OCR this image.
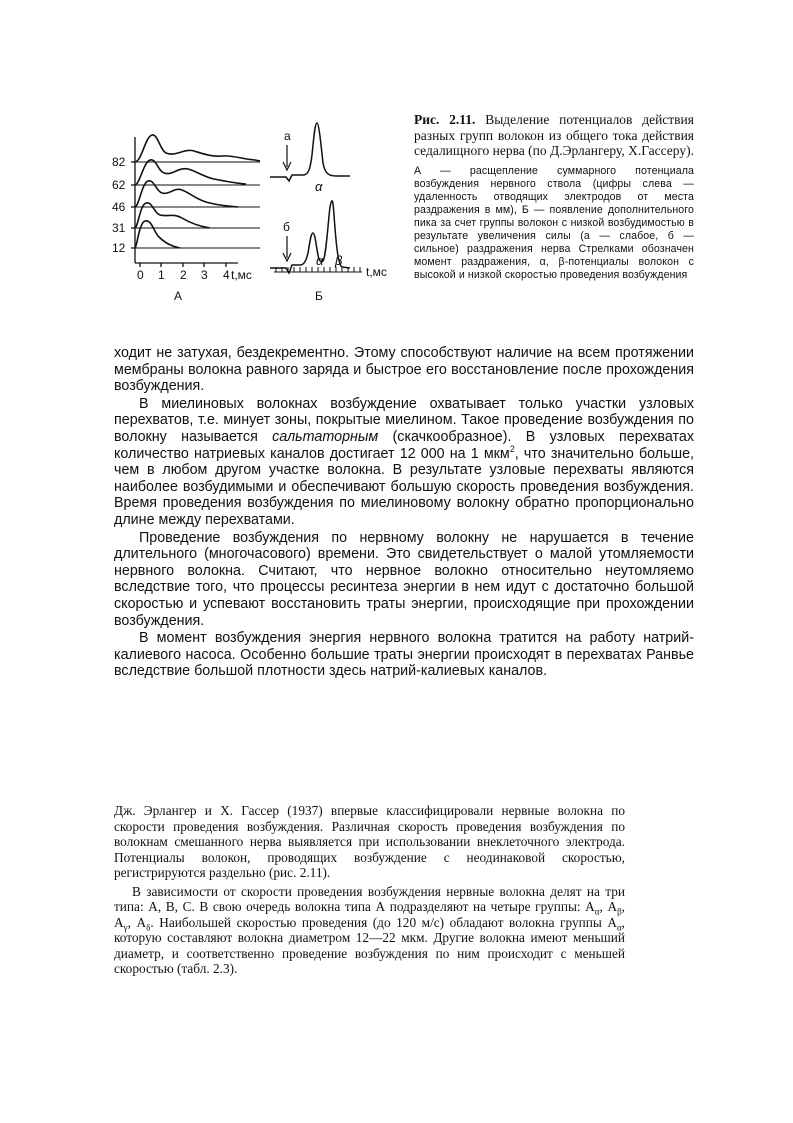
82
62
46
31
12
0 1 2 3 4 t,мс
А
а
α
б
α β
t,мс
Б
Рис. 2.11. Выделение потенциалов действия разных групп волокон из общего тока действия седалищного нерва (по Д.Эрлангеру, Х.Гассеру).
А — расщепление суммарного потенциала возбуждения нервного ствола (цифры слева — удаленность отводящих электродов от места раздражения в мм), Б — появление дополнительного пика за счет группы волокон с низкой возбудимостью в результате увеличения силы (а — слабое, б — сильное) раздражения нерва Стрелками обозначен момент раздражения, α, β-потенциалы волокон с высокой и низкой скоростью проведения возбуждения

ходит не затухая, бездекрементно. Этому способствуют наличие на всем протяжении мембраны волокна равного заряда и быстрое его восстановление после прохождения возбуждения.

В миелиновых волокнах возбуждение охватывает только участки узловых перехватов, т.е. минует зоны, покрытые миелином. Такое проведение возбуждения по волокну называется сальтаторным (скачкообразное). В узловых перехватах количество натриевых каналов достигает 12 000 на 1 мкм$^2$, что значительно больше, чем в любом другом участке волокна. В результате узловые перехваты являются наиболее возбудимыми и обеспечивают большую скорость проведения возбуждения. Время проведения возбуждения по миелиновому волокну обратно пропорционально длине между перехватами.

Проведение возбуждения по нервному волокну не нарушается в течение длительного (многочасового) времени. Это свидетельствует о малой утомляемости нервного волокна. Считают, что нервное волокно относительно неутомляемо вследствие того, что процессы ресинтеза энергии в нем идут с достаточно большой скоростью и успевают восстановить траты энергии, происходящие при прохождении возбуждения.

В момент возбуждения энергия нервного волокна тратится на работу натрий-калиевого насоса. Особенно большие траты энергии происходят в перехватах Ранвье вследствие большой плотности здесь натрий-калиевых каналов.

Дж. Эрлангер и X. Гассер (1937) впервые классифицировали нервные волокна по скорости проведения возбуждения. Различная скорость проведения возбуждения по волокнам смешанного нерва выявляется при использовании внеклеточного электрода. Потенциалы волокон, проводящих возбуждение с неодинаковой скоростью, регистрируются раздельно (рис. 2.11).

В зависимости от скорости проведения возбуждения нервные волокна делят на три типа: А, В, С. В свою очередь волокна типа А подразделяют на четыре группы: $А_\alpha$, $А_\beta$, $А_\gamma$, $А_\delta$. Наибольшей скоростью проведения (до 120 м/с) обладают волокна группы $А_\alpha$, которую составляют волокна диаметром 12—22 мкм. Другие волокна имеют меньший диаметр, и соответственно проведение возбуждения по ним происходит с меньшей скоростью (табл. 2.3).
